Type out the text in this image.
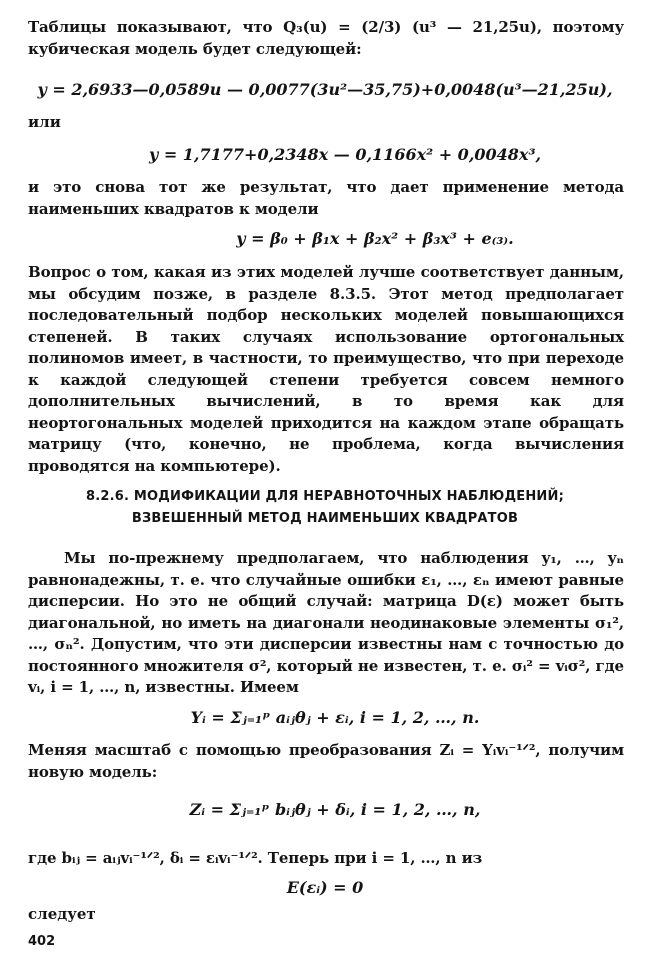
Таблицы показывают, что Q₃(u) = (2/3) (u³ — 21,25u), поэтому кубическая модель будет следующей:

y = 2,6933—0,0589u — 0,0077(3u²—35,75)+0,0048(u³—21,25u),
или
y = 1,7177+0,2348x — 0,1166x² + 0,0048x³,

и это снова тот же результат, что дает применение метода наименьших квадратов к модели

y = β₀ + β₁x + β₂x² + β₃x³ + e₍₃₎.

Вопрос о том, какая из этих моделей лучше соответствует данным, мы обсудим позже, в разделе 8.3.5. Этот метод предполагает последовательный подбор нескольких моделей повышающихся степеней. В таких случаях использование ортогональных полиномов имеет, в частности, то преимущество, что при переходе к каждой следующей степени требуется совсем немного дополнительных вычислений, в то время как для неортогональных моделей приходится на каждом этапе обращать матрицу (что, конечно, не проблема, когда вычисления проводятся на компьютере).

8.2.6. МОДИФИКАЦИИ ДЛЯ НЕРАВНОТОЧНЫХ НАБЛЮДЕНИЙ;
ВЗВЕШЕННЫЙ МЕТОД НАИМЕНЬШИХ КВАДРАТОВ

Мы по-прежнему предполагаем, что наблюдения y₁, …, yₙ равнонадежны, т. е. что случайные ошибки ε₁, …, εₙ имеют равные дисперсии. Но это не общий случай: матрица D(ε) может быть диагональной, но иметь на диагонали неодинаковые элементы σ₁², …, σₙ². Допустим, что эти дисперсии известны нам с точностью до постоянного множителя σ², который не известен, т. е. σᵢ² = vᵢσ², где vᵢ, i = 1, …, n, известны. Имеем

Yᵢ = Σⱼ₌₁ᵖ aᵢⱼθⱼ + εᵢ, i = 1, 2, …, n.

Меняя масштаб с помощью преобразования Zᵢ = Yᵢvᵢ⁻¹ᐟ², получим новую модель:

Zᵢ = Σⱼ₌₁ᵖ bᵢⱼθⱼ + δᵢ, i = 1, 2, …, n,

где bᵢⱼ = aᵢⱼvᵢ⁻¹ᐟ², δᵢ = εᵢvᵢ⁻¹ᐟ². Теперь при i = 1, …, n из

E(εᵢ) = 0
следует
402
